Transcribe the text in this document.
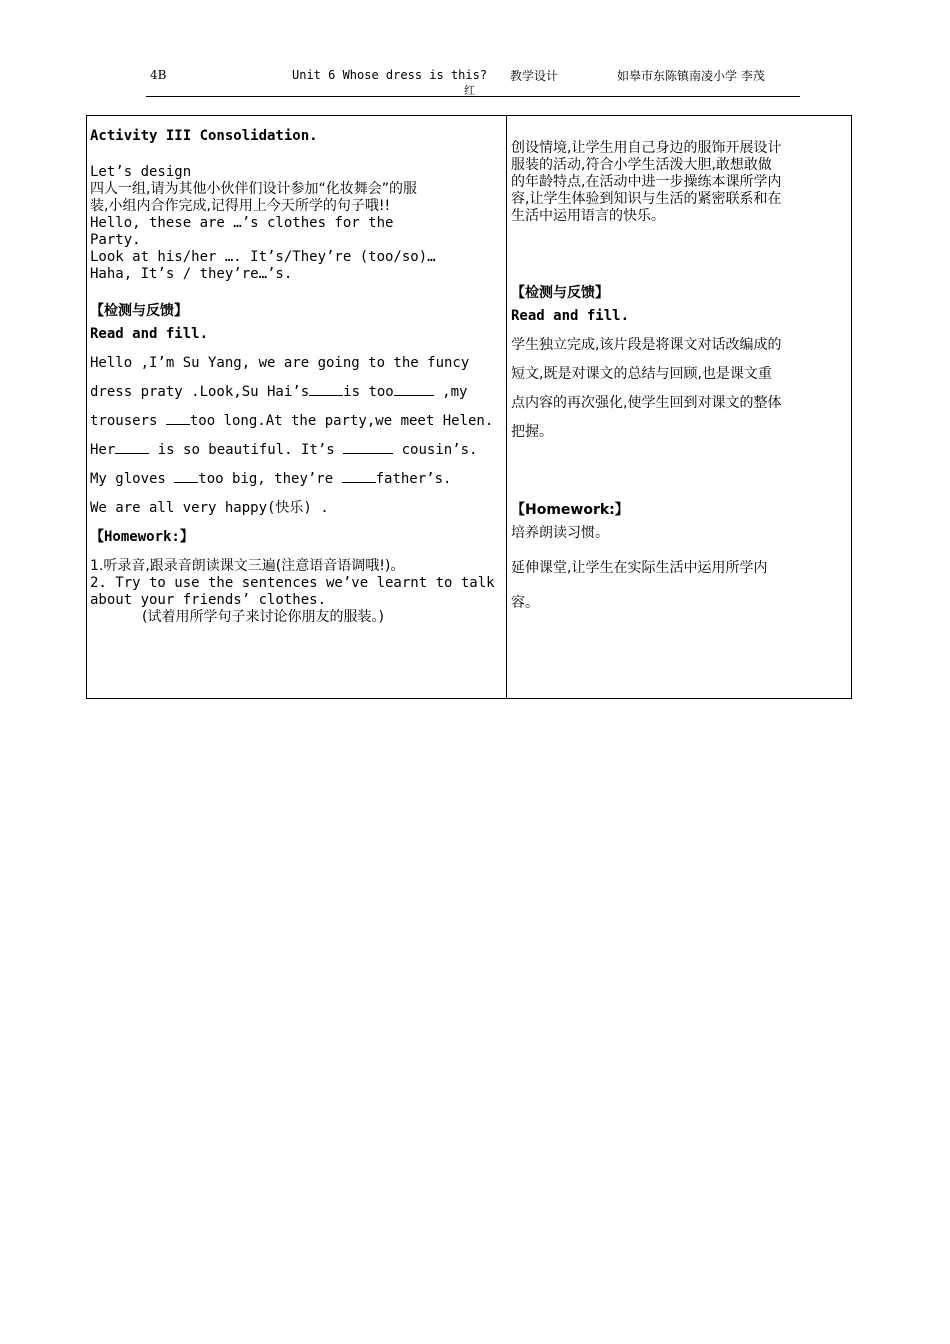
4B	Unit 6 Whose dress is this? 教学设计	如皋市东陈镇南凌小学 李茂
红
Activity III Consolidation.
Let’s design
四人一组,请为其他小伙伴们设计参加“化妆舞会”的服
装,小组内合作完成,记得用上今天所学的句子哦!!
Hello, these are …’s clothes for the
Party.
Look at his/her …. It’s/They’re (too/so)…
Haha, It’s / they’re…’s.
【检测与反馈】
Read and fill.
Hello ,I’m Su Yang, we are going to the funcy
dress praty .Look,Su Hai’s is too	,my
trousers too long.At the party,we meet Helen.
Her is so beautiful. It’s	cousin’s.
My gloves too big, they’re father’s.
We are all very happy(快乐) .
【Homework:】
1.听录音,跟录音朗读课文三遍(注意语音语调哦!)。
2. Try to use the sentences we’ve learnt to talk
about your friends’ clothes.
(试着用所学句子来讨论你朋友的服装。)
创设情境,让学生用自己身边的服饰开展设计
服装的活动,符合小学生活泼大胆,敢想敢做
的年龄特点,在活动中进一步操练本课所学内
容,让学生体验到知识与生活的紧密联系和在
生活中运用语言的快乐。
【检测与反馈】
Read and fill.
学生独立完成,该片段是将课文对话改编成的
短文,既是对课文的总结与回顾,也是课文重
点内容的再次强化,使学生回到对课文的整体
把握。
【Homework:】
培养朗读习惯。
延伸课堂,让学生在实际生活中运用所学内
容。
